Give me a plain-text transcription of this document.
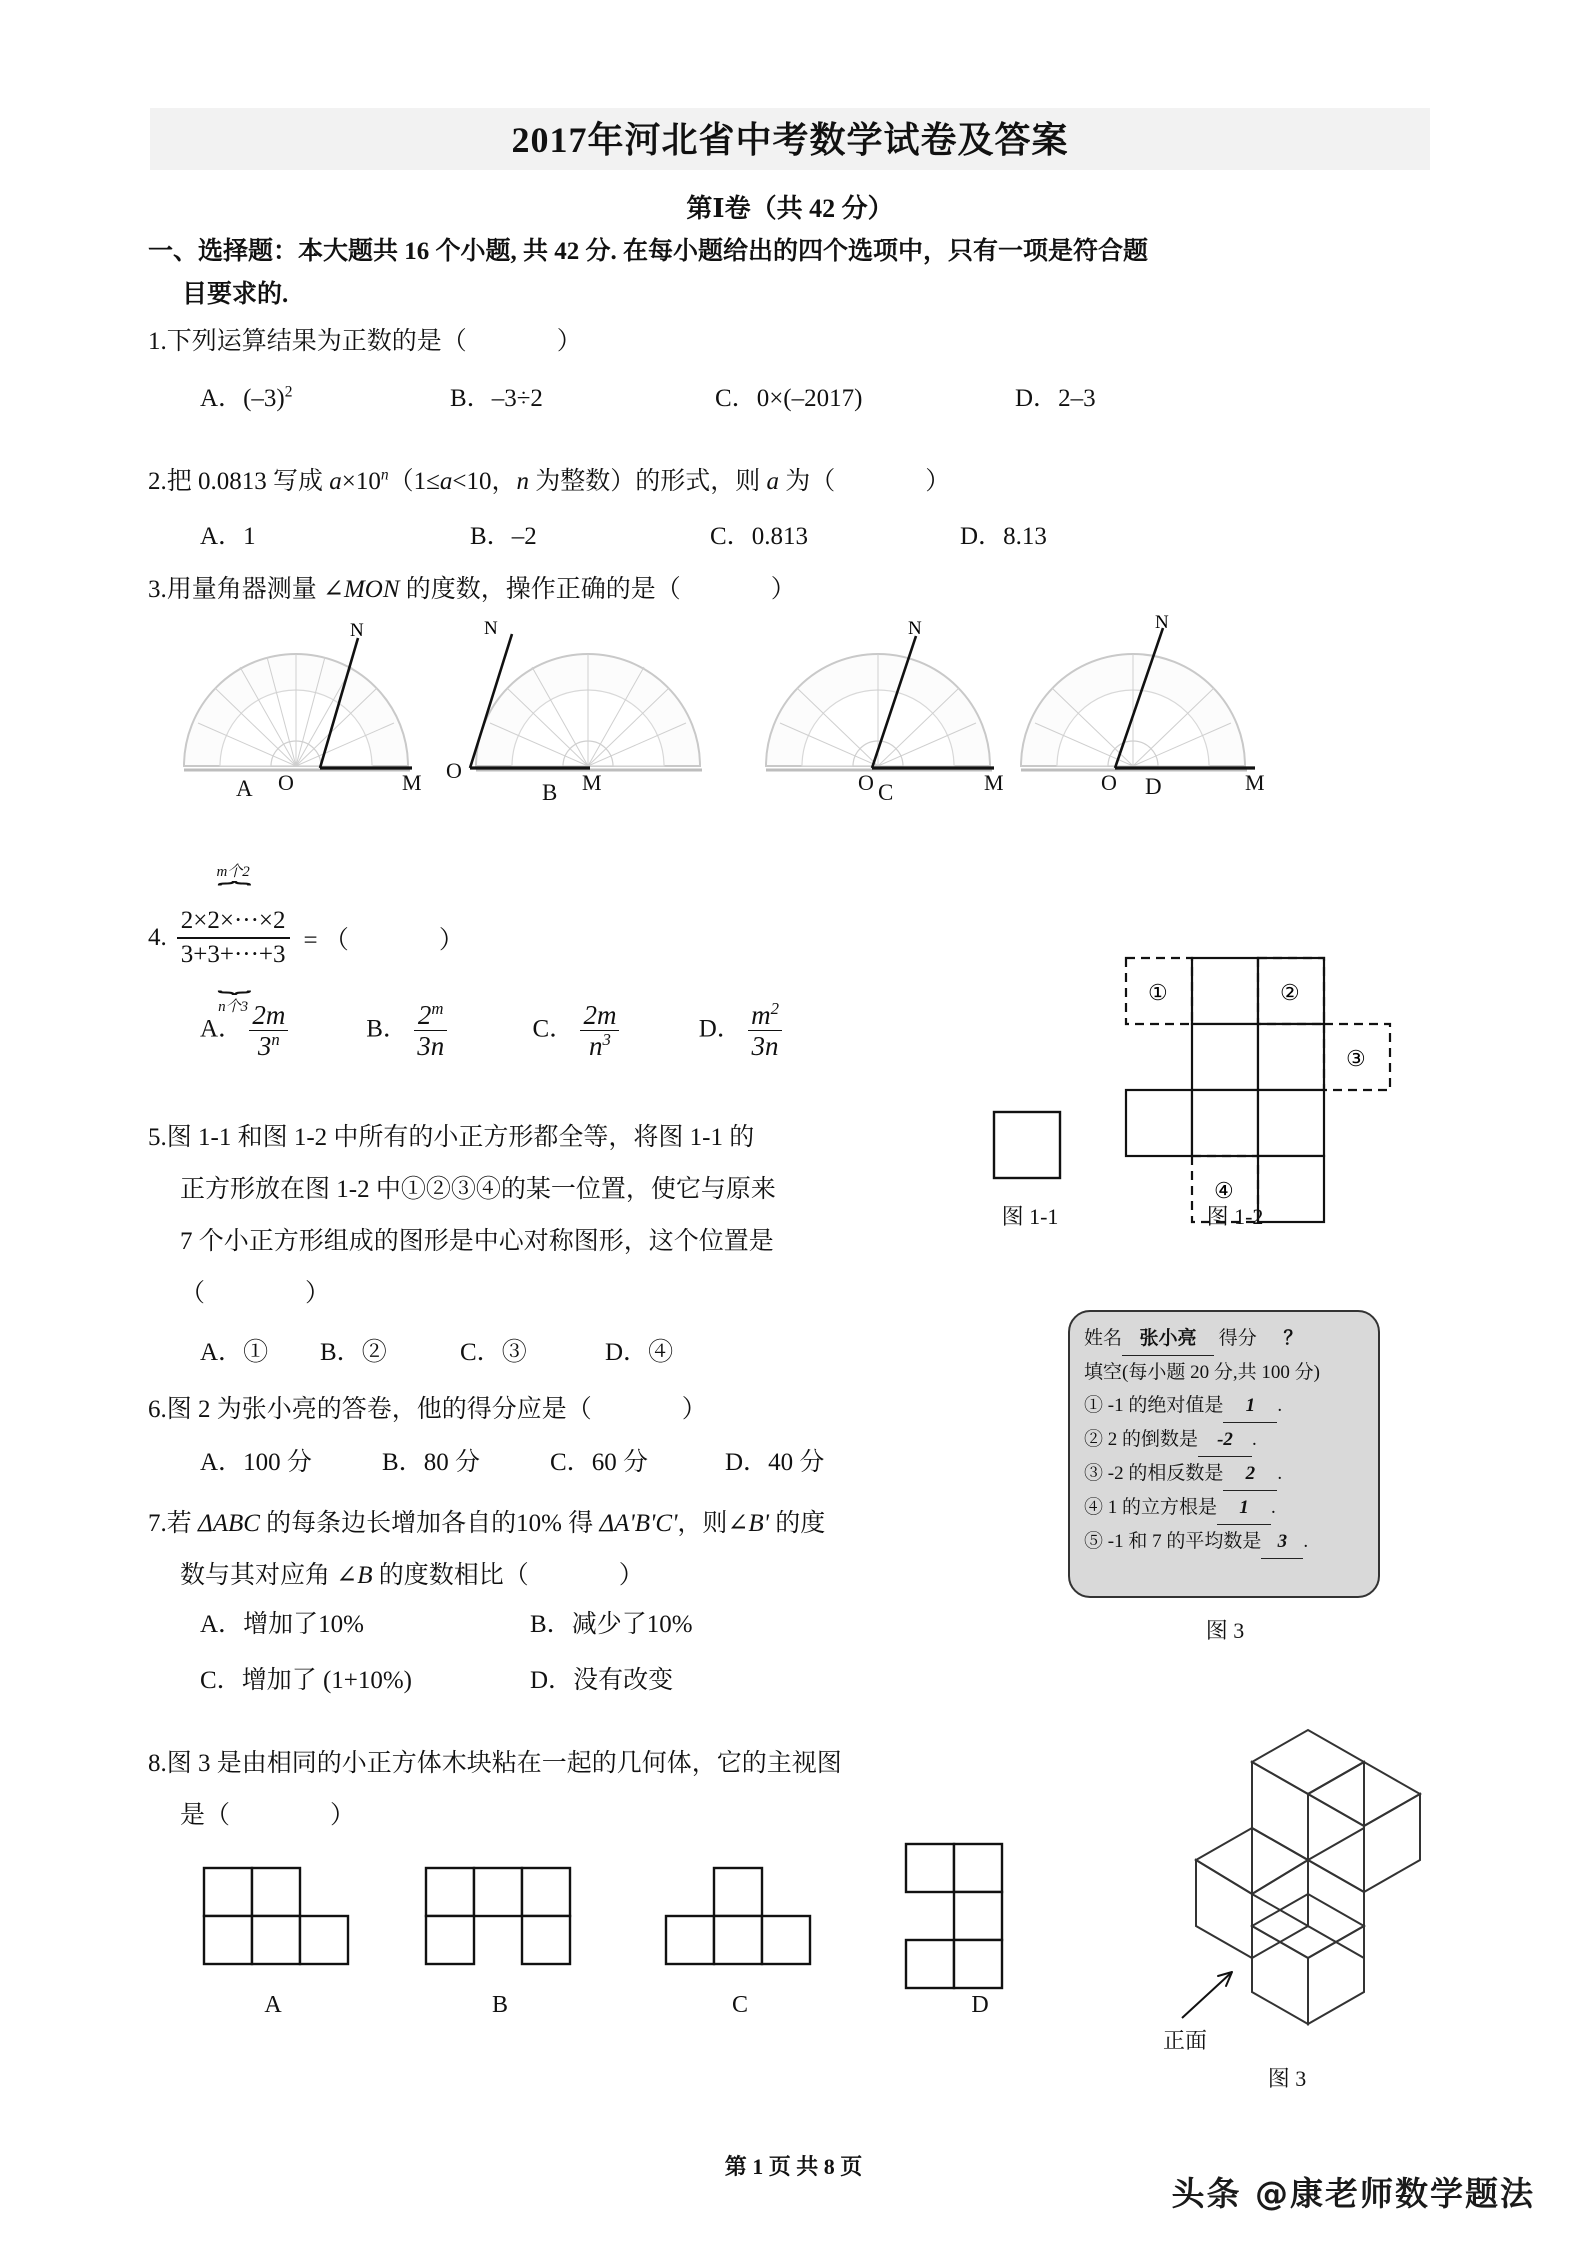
2017年河北省中考数学试卷及答案
第Ⅰ卷（共 42 分）
一、选择题：本大题共 16 个小题, 共 42 分. 在每小题给出的四个选项中，只有一项是符合题
目要求的.
1.下列运算结果为正数的是（	）
A．$(-3)^2$	B．–3÷2	C．0×(–2017)	D．2–3
2.把 0.0813 写成 $a\times 10^n(1\le a<10$，n 为整数）的形式，则 a 为（	）
A．1	B．–2	C．0.813	D．8.13
3.用量角器测量 ∠MON 的度数，操作正确的是（	）
N
O	M
A
N
O	M
B
N
O	M
C
N
O	M
D
4.
m个2
⏞
2×2×···×2
3+3+···+3
⏞
n个3
= （	）
A． $\frac{2m}{3^n}$	B． $\frac{2^m}{3n}$	C． $\frac{2m}{n^3}$	D． $\frac{m^2}{3n}$
5.图 1-1 和图 1-2 中所有的小正方形都全等，将图 1-1 的
正方形放在图 1-2 中①②③④的某一位置，使它与原来
7 个小正方形组成的图形是中心对称图形，这个位置是
（　　　　）
A．① B．②	C．③	D．④
图 1-1
①	②
③
④
图 1-2
6.图 2 为张小亮的答卷，他的得分应是（	）
A．100 分	B．80 分	C．60 分	D．40 分
姓名 张小亮 得分 ？
填空(每小题 20 分,共 100 分)
① -1 的绝对值是 1 .
② 2 的倒数是 -2 .
③ -2 的相反数是 2 .
④ 1 的立方根是 1 .
⑤ -1 和 7 的平均数是 3 .
图 3
7.若 ΔABC 的每条边长增加各自的10% 得 ΔA'B'C'，则∠B' 的度
数与其对应角 ∠B 的度数相比（	）
A．增加了10%	B．减少了10%
C．增加了 (1+10%)	D．没有改变
8.图 3 是由相同的小正方体木块粘在一起的几何体，它的主视图
是（　　　　）
A	B	C	D
正面
图 3
第 1 页 共 8 页
头条 @康老师数学题法
